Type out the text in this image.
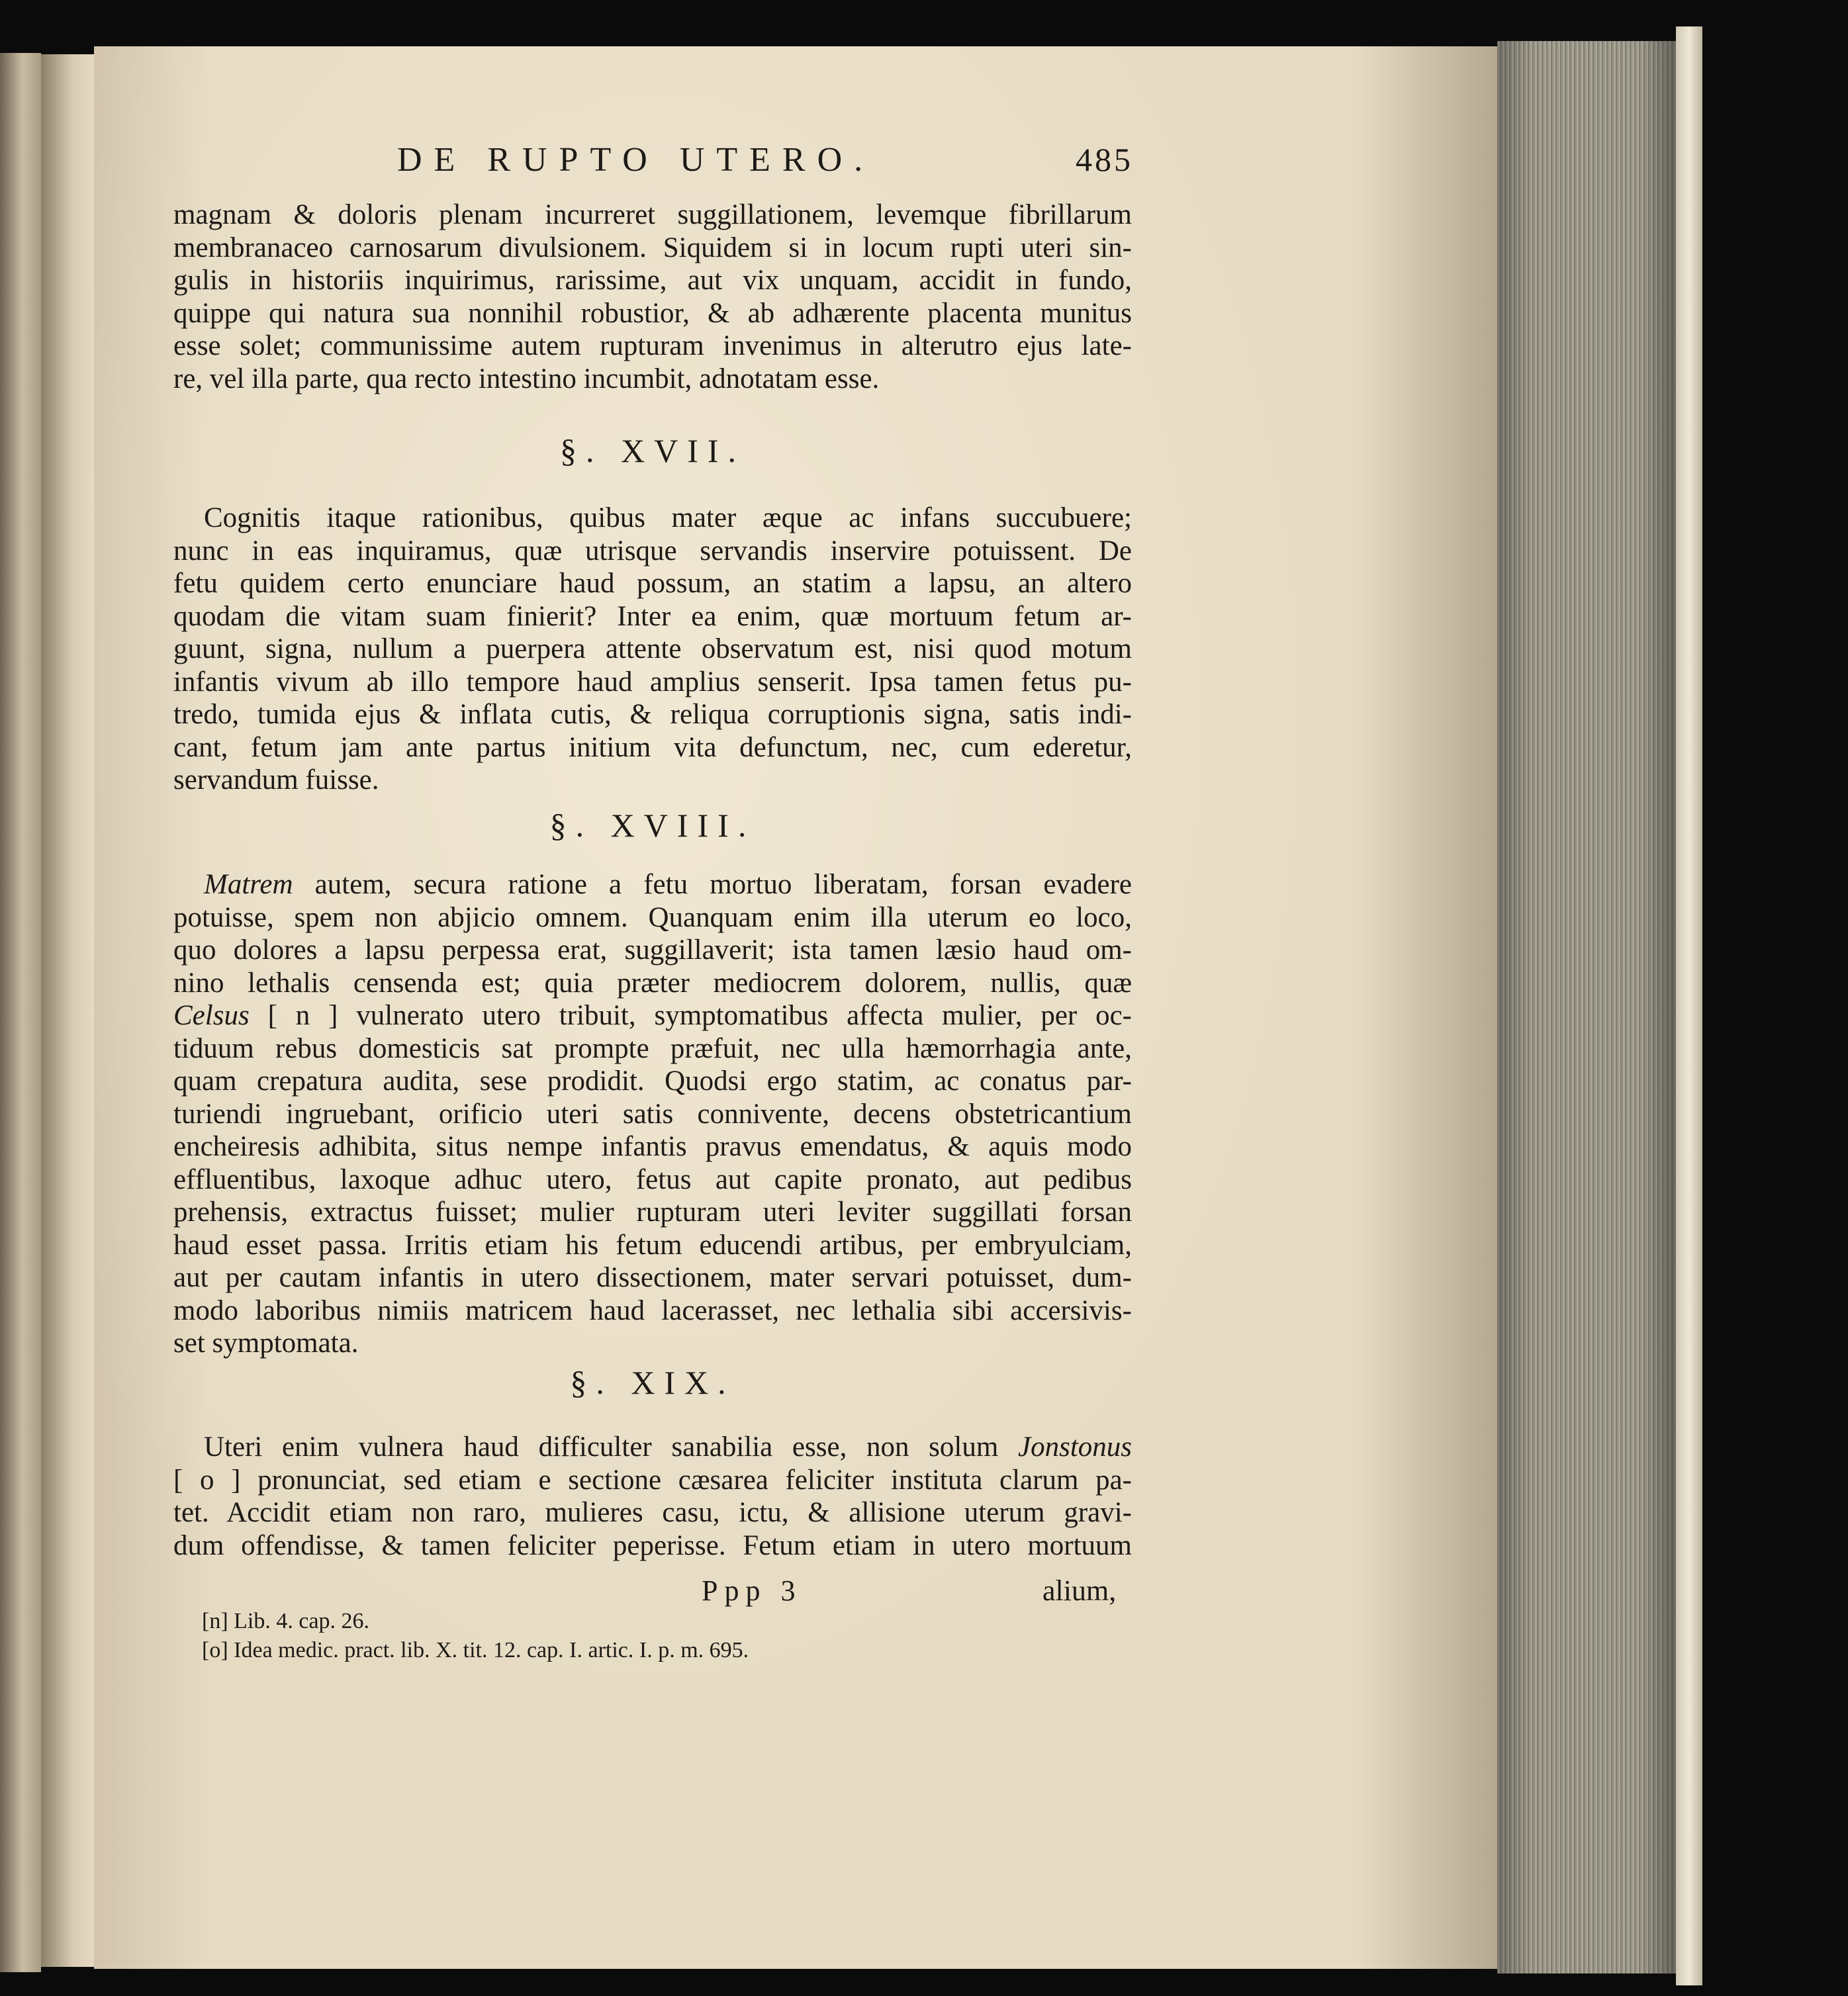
DE RUPTO UTERO.	485
magnam & doloris plenam incurreret suggillationem, levemque fibrillarum
membranaceo carnosarum divulsionem. Siquidem si in locum rupti uteri sin-
gulis in historiis inquirimus, rarissime, aut vix unquam, accidit in fundo,
quippe qui natura sua nonnihil robustior, & ab adhærente placenta munitus
esse solet; communissime autem rupturam invenimus in alterutro ejus late-
re, vel illa parte, qua recto intestino incumbit, adnotatam esse.
§. XVII.
Cognitis itaque rationibus, quibus mater æque ac infans succubuere;
nunc in eas inquiramus, quæ utrisque servandis inservire potuissent. De
fetu quidem certo enunciare haud possum, an statim a lapsu, an altero
quodam die vitam suam finierit? Inter ea enim, quæ mortuum fetum ar-
guunt, signa, nullum a puerpera attente observatum est, nisi quod motum
infantis vivum ab illo tempore haud amplius senserit. Ipsa tamen fetus pu-
tredo, tumida ejus & inflata cutis, & reliqua corruptionis signa, satis indi-
cant, fetum jam ante partus initium vita defunctum, nec, cum ederetur,
servandum fuisse.
§. XVIII.
Matrem autem, secura ratione a fetu mortuo liberatam, forsan evadere
potuisse, spem non abjicio omnem. Quanquam enim illa uterum eo loco,
quo dolores a lapsu perpessa erat, suggillaverit; ista tamen læsio haud om-
nino lethalis censenda est; quia præter mediocrem dolorem, nullis, quæ
Celsus [ n ] vulnerato utero tribuit, symptomatibus affecta mulier, per oc-
tiduum rebus domesticis sat prompte præfuit, nec ulla hæmorrhagia ante,
quam crepatura audita, sese prodidit. Quodsi ergo statim, ac conatus par-
turiendi ingruebant, orificio uteri satis connivente, decens obstetricantium
encheiresis adhibita, situs nempe infantis pravus emendatus, & aquis modo
effluentibus, laxoque adhuc utero, fetus aut capite pronato, aut pedibus
prehensis, extractus fuisset; mulier rupturam uteri leviter suggillati forsan
haud esset passa. Irritis etiam his fetum educendi artibus, per embryulciam,
aut per cautam infantis in utero dissectionem, mater servari potuisset, dum-
modo laboribus nimiis matricem haud lacerasset, nec lethalia sibi accersivis-
set symptomata.
§. XIX.
Uteri enim vulnera haud difficulter sanabilia esse, non solum Jonstonus
[ o ] pronunciat, sed etiam e sectione cæsarea feliciter instituta clarum pa-
tet. Accidit etiam non raro, mulieres casu, ictu, & allisione uterum gravi-
dum offendisse, & tamen feliciter peperisse. Fetum etiam in utero mortuum
Ppp 3	alium,
[n] Lib. 4. cap. 26.
[o] Idea medic. pract. lib. X. tit. 12. cap. I. artic. I. p. m. 695.
